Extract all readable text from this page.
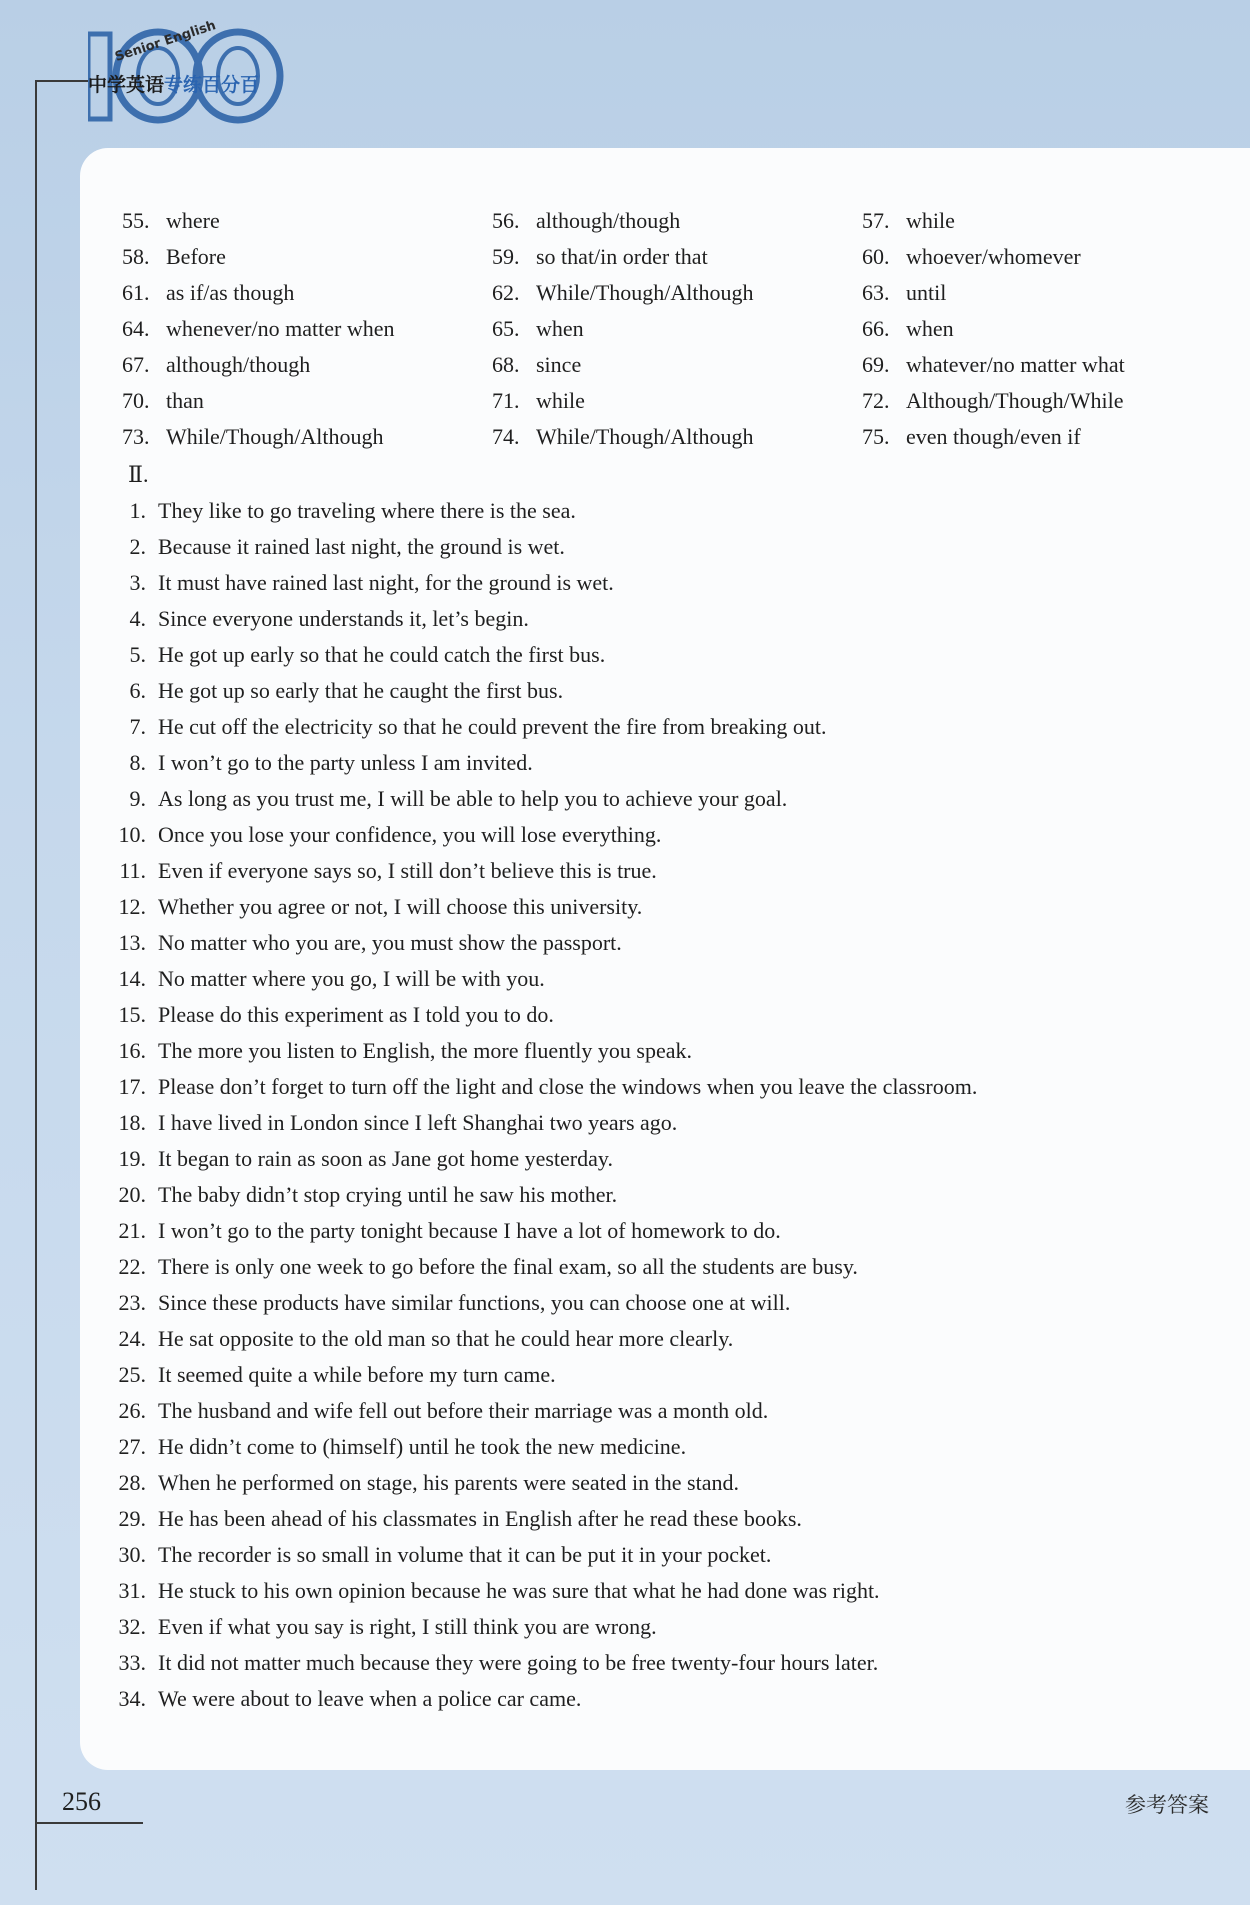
Senior English
中学英语专练百分百
55. where	56. although/though	57. while
58. Before	59. so that/in order that	60. whoever/whomever
61. as if/as though	62. While/Though/Although	63. until
64. whenever/no matter when	65. when	66. when
67. although/though	68. since	69. whatever/no matter what
70. than	71. while	72. Although/Though/While
73. While/Though/Although	74. While/Though/Although	75. even though/even if
Ⅱ.
1. They like to go traveling where there is the sea.
2. Because it rained last night, the ground is wet.
3. It must have rained last night, for the ground is wet.
4. Since everyone understands it, let’s begin.
5. He got up early so that he could catch the first bus.
6. He got up so early that he caught the first bus.
7. He cut off the electricity so that he could prevent the fire from breaking out.
8. I won’t go to the party unless I am invited.
9. As long as you trust me, I will be able to help you to achieve your goal.
10. Once you lose your confidence, you will lose everything.
11. Even if everyone says so, I still don’t believe this is true.
12. Whether you agree or not, I will choose this university.
13. No matter who you are, you must show the passport.
14. No matter where you go, I will be with you.
15. Please do this experiment as I told you to do.
16. The more you listen to English, the more fluently you speak.
17. Please don’t forget to turn off the light and close the windows when you leave the classroom.
18. I have lived in London since I left Shanghai two years ago.
19. It began to rain as soon as Jane got home yesterday.
20. The baby didn’t stop crying until he saw his mother.
21. I won’t go to the party tonight because I have a lot of homework to do.
22. There is only one week to go before the final exam, so all the students are busy.
23. Since these products have similar functions, you can choose one at will.
24. He sat opposite to the old man so that he could hear more clearly.
25. It seemed quite a while before my turn came.
26. The husband and wife fell out before their marriage was a month old.
27. He didn’t come to (himself) until he took the new medicine.
28. When he performed on stage, his parents were seated in the stand.
29. He has been ahead of his classmates in English after he read these books.
30. The recorder is so small in volume that it can be put it in your pocket.
31. He stuck to his own opinion because he was sure that what he had done was right.
32. Even if what you say is right, I still think you are wrong.
33. It did not matter much because they were going to be free twenty-four hours later.
34. We were about to leave when a police car came.
256	参考答案
